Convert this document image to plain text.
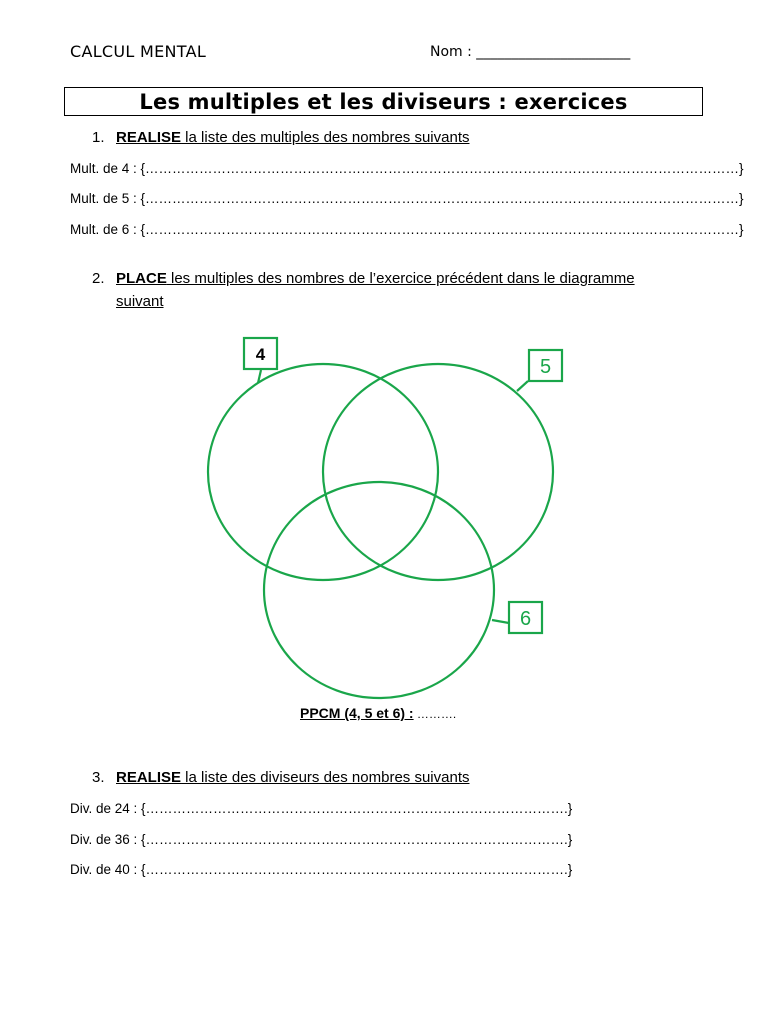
CALCUL MENTAL	Nom : ______________________
Les multiples et les diviseurs : exercices
1. REALISE la liste des multiples des nombres suivants
Mult. de 4 : {……………………………………………………………………………………………………………………}
Mult. de 5 : {……………………………………………………………………………………………………………………}
Mult. de 6 : {……………………………………………………………………………………………………………………}
2. PLACE les multiples des nombres de l’exercice précédent dans le diagramme
suivant
4
5
6
PPCM (4, 5 et 6) : ……….
3. REALISE la liste des diviseurs des nombres suivants
Div. de 24 : {………………………………………………………………………………….}
Div. de 36 : {………………………………………………………………………………….}
Div. de 40 : {………………………………………………………………………………….}
